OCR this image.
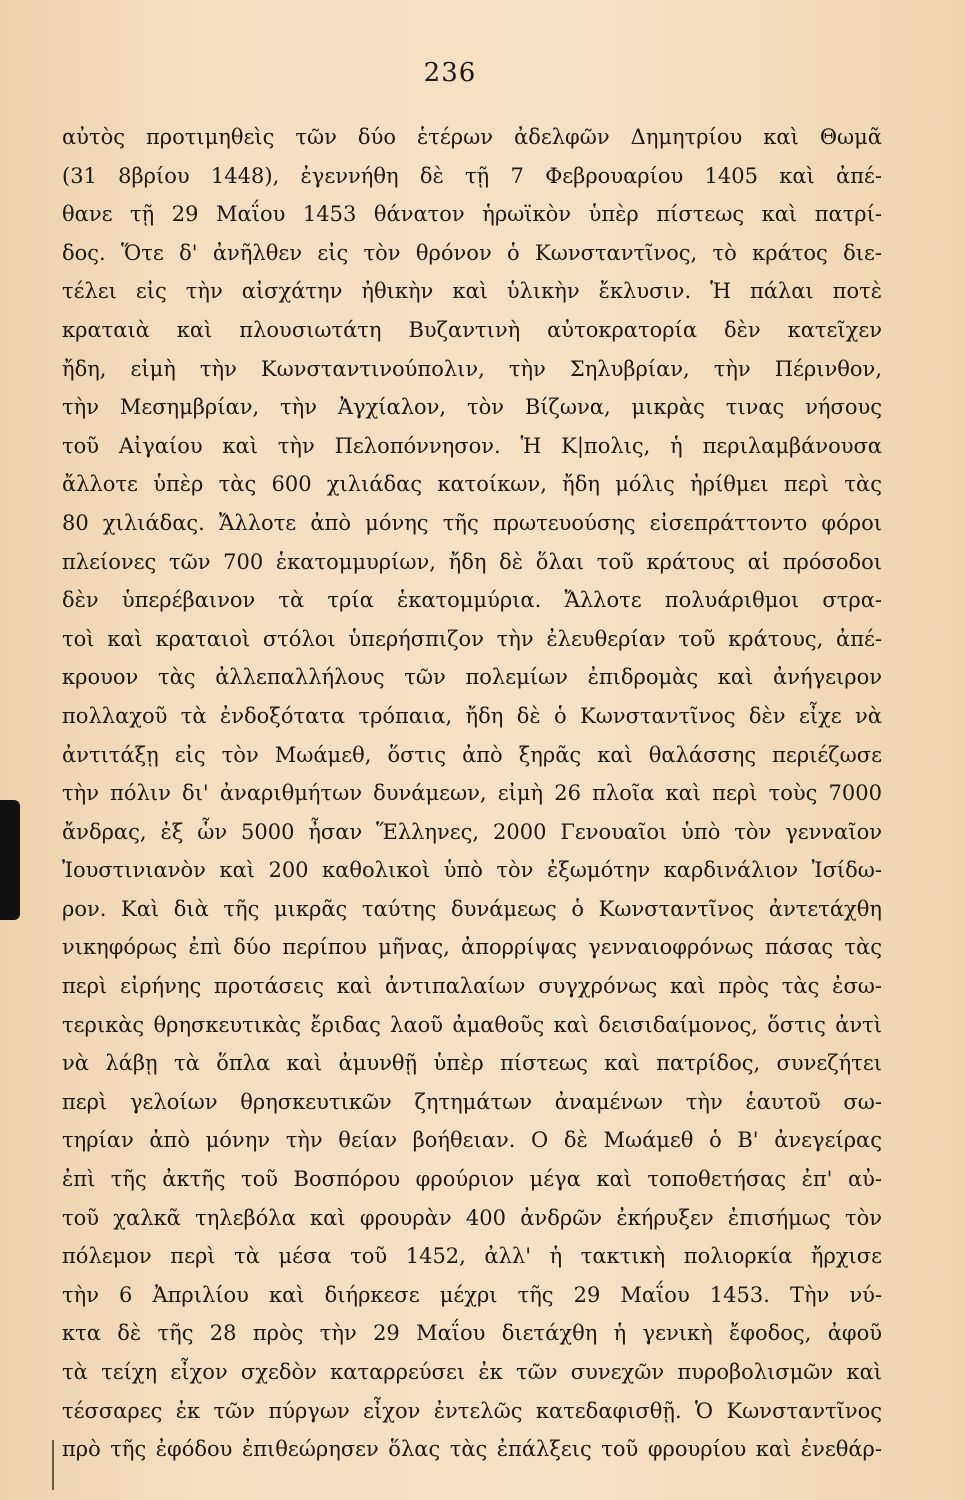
236
αὐτὸς προτιμηθεὶς τῶν δύο ἑτέρων ἀδελφῶν Δημητρίου καὶ Θωμᾶ
(31 8βρίου 1448), ἐγεννήθη δὲ τῇ 7 Φεβρουαρίου 1405 καὶ ἀπέ-
θανε τῇ 29 Μαΐου 1453 θάνατον ἡρωϊκὸν ὑπὲρ πίστεως καὶ πατρί-
δος. Ὅτε δ' ἀνῆλθεν εἰς τὸν θρόνον ὁ Κωνσταντῖνος, τὸ κράτος διε-
τέλει εἰς τὴν αἰσχάτην ἠθικὴν καὶ ὑλικὴν ἔκλυσιν. Ἡ πάλαι ποτὲ
κραταιὰ καὶ πλουσιωτάτη Βυζαντινὴ αὐτοκρατορία δὲν κατεῖχεν
ἤδη, εἰμὴ τὴν Κωνσταντινούπολιν, τὴν Σηλυβρίαν, τὴν Πέρινθον,
τὴν Μεσημβρίαν, τὴν Ἀγχίαλον, τὸν Βίζωνα, μικρὰς τινας νήσους
τοῦ Αἰγαίου καὶ τὴν Πελοπόννησον. Ἡ Κ|πολις, ἡ περιλαμβάνουσα
ἄλλοτε ὑπὲρ τὰς 600 χιλιάδας κατοίκων, ἤδη μόλις ἠρίθμει περὶ τὰς
80 χιλιάδας. Ἄλλοτε ἀπὸ μόνης τῆς πρωτευούσης εἰσεπράττοντο φόροι
πλείονες τῶν 700 ἑκατομμυρίων, ἤδη δὲ ὅλαι τοῦ κράτους αἱ πρόσοδοι
δὲν ὑπερέβαινον τὰ τρία ἑκατομμύρια. Ἄλλοτε πολυάριθμοι στρα-
τοὶ καὶ κραταιοὶ στόλοι ὑπερήσπιζον τὴν ἐλευθερίαν τοῦ κράτους, ἀπέ-
κρουον τὰς ἀλλεπαλλήλους τῶν πολεμίων ἐπιδρομὰς καὶ ἀνήγειρον
πολλαχοῦ τὰ ἐνδοξότατα τρόπαια, ἤδη δὲ ὁ Κωνσταντῖνος δὲν εἶχε νὰ
ἀντιτάξῃ εἰς τὸν Μωάμεθ, ὅστις ἀπὸ ξηρᾶς καὶ θαλάσσης περιέζωσε
τὴν πόλιν δι' ἀναριθμήτων δυνάμεων, εἰμὴ 26 πλοῖα καὶ περὶ τοὺς 7000
ἄνδρας, ἐξ ὧν 5000 ἦσαν Ἕλληνες, 2000 Γενουαῖοι ὑπὸ τὸν γενναῖον
Ἰουστινιανὸν καὶ 200 καθολικοὶ ὑπὸ τὸν ἐξωμότην καρδινάλιον Ἰσίδω-
ρον. Καὶ διὰ τῆς μικρᾶς ταύτης δυνάμεως ὁ Κωνσταντῖνος ἀντετάχθη
νικηφόρως ἐπὶ δύο περίπου μῆνας, ἀπορρίψας γενναιοφρόνως πάσας τὰς
περὶ εἰρήνης προτάσεις καὶ ἀντιπαλαίων συγχρόνως καὶ πρὸς τὰς ἐσω-
τερικὰς θρησκευτικὰς ἔριδας λαοῦ ἀμαθοῦς καὶ δεισιδαίμονος, ὅστις ἀντὶ
νὰ λάβῃ τὰ ὅπλα καὶ ἀμυνθῇ ὑπὲρ πίστεως καὶ πατρίδος, συνεζήτει
περὶ γελοίων θρησκευτικῶν ζητημάτων ἀναμένων τὴν ἑαυτοῦ σω-
τηρίαν ἀπὸ μόνην τὴν θείαν βοήθειαν. Ο δὲ Μωάμεθ ὁ Β' ἀνεγείρας
ἐπὶ τῆς ἀκτῆς τοῦ Βοσπόρου φρούριον μέγα καὶ τοποθετήσας ἐπ' αὐ-
τοῦ χαλκᾶ τηλεβόλα καὶ φρουρὰν 400 ἀνδρῶν ἐκήρυξεν ἐπισήμως τὸν
πόλεμον περὶ τὰ μέσα τοῦ 1452, ἀλλ' ἡ τακτικὴ πολιορκία ἤρχισε
τὴν 6 Ἀπριλίου καὶ διήρκεσε μέχρι τῆς 29 Μαΐου 1453. Τὴν νύ-
κτα δὲ τῆς 28 πρὸς τὴν 29 Μαΐου διετάχθη ἡ γενικὴ ἔφοδος, ἀφοῦ
τὰ τείχη εἶχον σχεδὸν καταρρεύσει ἐκ τῶν συνεχῶν πυροβολισμῶν καὶ
τέσσαρες ἐκ τῶν πύργων εἶχον ἐντελῶς κατεδαφισθῇ. Ὁ Κωνσταντῖνος
πρὸ τῆς ἐφόδου ἐπιθεώρησεν ὅλας τὰς ἐπάλξεις τοῦ φρουρίου καὶ ἐνεθάρ-
